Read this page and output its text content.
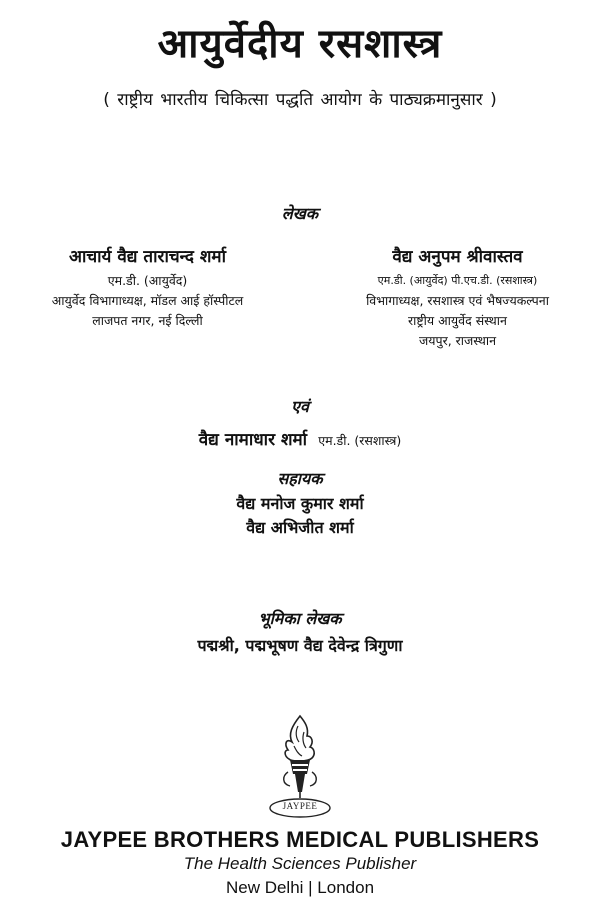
आयुर्वेदीय रसशास्त्र
( राष्ट्रीय भारतीय चिकित्सा पद्धति आयोग के पाठ्यक्रमानुसार )
लेखक
आचार्य वैद्य ताराचन्द शर्मा
एम.डी. (आयुर्वेद)
आयुर्वेद विभागाध्यक्ष, मॉडल आई हॉस्पीटल
लाजपत नगर, नई दिल्ली
वैद्य अनुपम श्रीवास्तव
एम.डी. (आयुर्वेद) पी.एच.डी. (रसशास्त्र)
विभागाध्यक्ष, रसशास्त्र एवं भैषज्यकल्पना
राष्ट्रीय आयुर्वेद संस्थान
जयपुर, राजस्थान
एवं
वैद्य नामाधार शर्मा एम.डी. (रसशास्त्र)
सहायक
वैद्य मनोज कुमार शर्मा
वैद्य अभिजीत शर्मा
भूमिका लेखक
पद्मश्री, पद्मभूषण वैद्य देवेन्द्र त्रिगुणा
JAYPEE
JAYPEE BROTHERS MEDICAL PUBLISHERS
The Health Sciences Publisher
New Delhi | London
